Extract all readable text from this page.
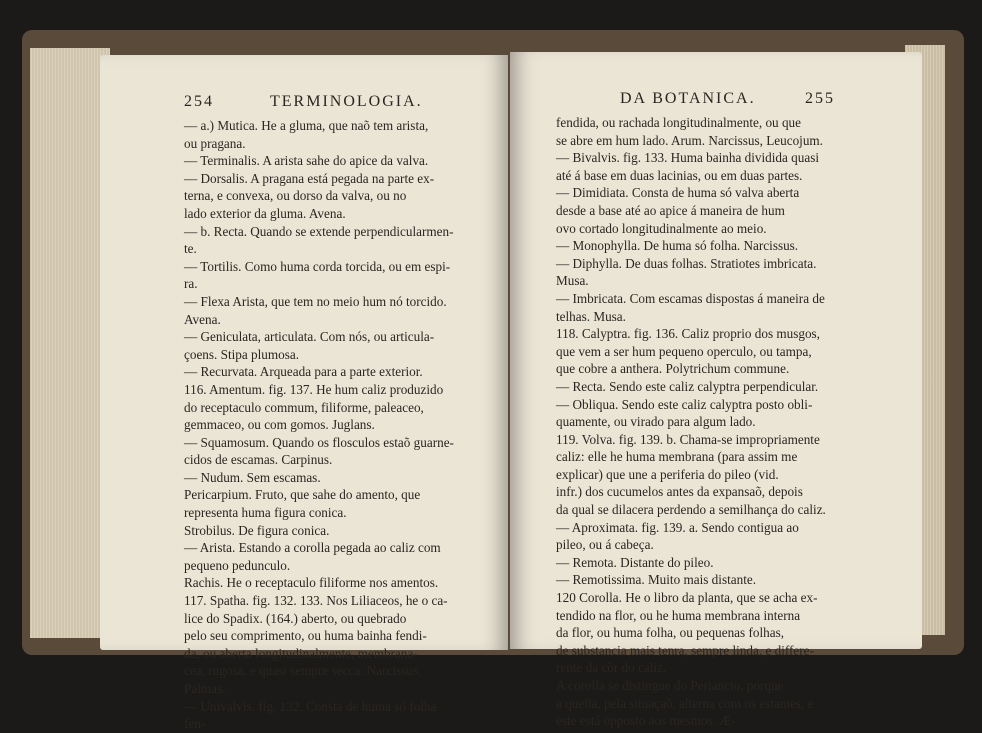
254	TERMINOLOGIA.
— a.) Mutica. He a gluma, que naõ tem arista,
ou pragana.
— Terminalis. A arista sahe do apice da valva.
— Dorsalis. A pragana está pegada na parte ex-
terna, e convexa, ou dorso da valva, ou no
lado exterior da gluma. Avena.
— b. Recta. Quando se extende perpendicularmen-
te.
— Tortilis. Como huma corda torcida, ou em espi-
ra.
— Flexa Arista, que tem no meio hum nó torcido.
Avena.
— Geniculata, articulata. Com nós, ou articula-
çoens. Stipa plumosa.
— Recurvata. Arqueada para a parte exterior.
116. Amentum. fig. 137. He hum caliz produzido
do receptaculo commum, filiforme, paleaceo,
gemmaceo, ou com gomos. Juglans.
— Squamosum. Quando os flosculos estaõ guarne-
cidos de escamas. Carpinus.
— Nudum. Sem escamas.
Pericarpium. Fruto, que sahe do amento, que
representa huma figura conica.
Strobilus. De figura conica.
— Arista. Estando a corolla pegada ao caliz com
pequeno pedunculo.
Rachis. He o receptaculo filiforme nos amentos.
117. Spatha. fig. 132. 133. Nos Liliaceos, he o ca-
lice do Spadix. (164.) aberto, ou quebrado
pelo seu comprimento, ou huma bainha fendi-
da, ou aberta longitudinalmente, membrana-
cea, rugosa, e quasi sempre secca. Narcissus.
Palmas.
— Univalvis. fig. 132. Consta de huma só folha
fen-
DA BOTANICA.	255
fendida, ou rachada longitudinalmente, ou que
se abre em hum lado. Arum. Narcissus, Leucojum.
— Bivalvis. fig. 133. Huma bainha dividida quasi
até á base em duas lacinias, ou em duas partes.
— Dimidiata. Consta de huma só valva aberta
desde a base até ao apice á maneira de hum
ovo cortado longitudinalmente ao meio.
— Monophylla. De huma só folha. Narcissus.
— Diphylla. De duas folhas. Stratiotes imbricata.
Musa.
— Imbricata. Com escamas dispostas á maneira de
telhas. Musa.
118. Calyptra. fig. 136. Caliz proprio dos musgos,
que vem a ser hum pequeno operculo, ou tampa,
que cobre a anthera. Polytrichum commune.
— Recta. Sendo este caliz calyptra perpendicular.
— Obliqua. Sendo este caliz calyptra posto obli-
quamente, ou virado para algum lado.
119. Volva. fig. 139. b. Chama-se impropriamente
caliz: elle he huma membrana (para assim me
explicar) que une a periferia do pileo (vid.
infr.) dos cucumelos antes da expansaõ, depois
da qual se dilacera perdendo a semilhança do caliz.
— Aproximata. fig. 139. a. Sendo contigua ao
pileo, ou á cabeça.
— Remota. Distante do pileo.
— Remotissima. Muito mais distante.
120 Corolla. He o libro da planta, que se acha ex-
tendido na flor, ou he huma membrana interna
da flor, ou huma folha, ou pequenas folhas,
de substancia mais tenra, sempre linda, e differe-
rente da côr do caliz.
A corolla se distingue do Periancio, porque
a quella, pela situaçaõ, alterna com os estames, e
este está opposto aos mesmos. Æ-
